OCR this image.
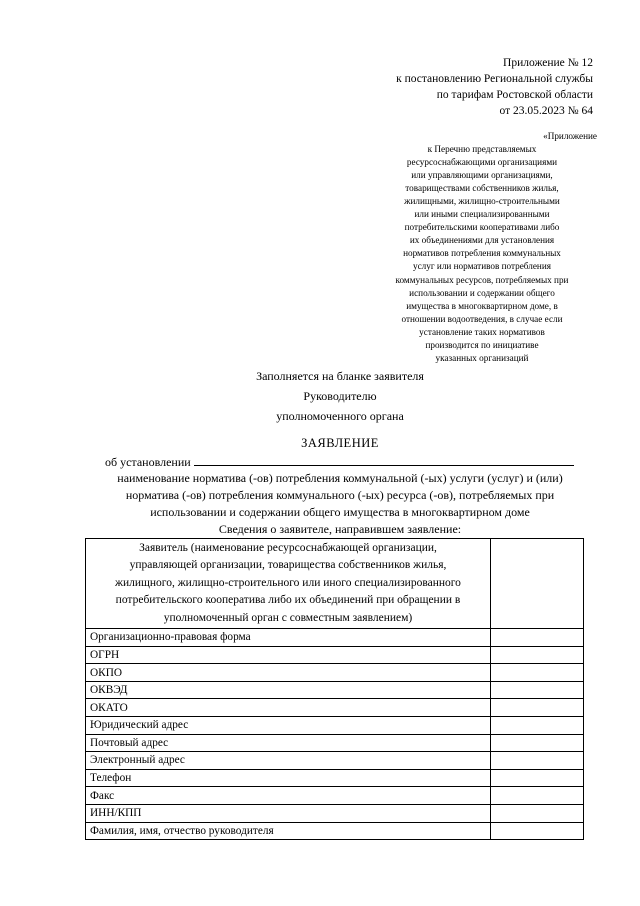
Приложение № 12
к постановлению Региональной службы
по тарифам Ростовской области
от 23.05.2023 № 64
«Приложение
к Перечню представляемых
ресурсоснабжающими организациями
или управляющими организациями,
товариществами собственников жилья,
жилищными, жилищно-строительными
или иными специализированными
потребительскими кооперативами либо
их объединениями для установления
нормативов потребления коммунальных
услуг или нормативов потребления
коммунальных ресурсов, потребляемых при
использовании и содержании общего
имущества в многоквартирном доме, в
отношении водоотведения, в случае если
установление таких нормативов
производится по инициативе
указанных организаций
Заполняется на бланке заявителя
Руководителю
уполномоченного органа
ЗАЯВЛЕНИЕ
об установлении
наименование норматива (-ов) потребления коммунальной (-ых) услуги (услуг) и (или)
норматива (-ов) потребления коммунального (-ых) ресурса (-ов), потребляемых при
использовании и содержании общего имущества в многоквартирном доме
Сведения о заявителе, направившем заявление:
Заявитель (наименование ресурсоснабжающей организации,
управляющей организации, товарищества собственников жилья,
жилищного, жилищно-строительного или иного специализированного
потребительского кооператива либо их объединений при обращении в
уполномоченный орган с совместным заявлением)	

Организационно-правовая форма	
ОГРН	
ОКПО	
ОКВЭД	
ОКАТО	
Юридический адрес	
Почтовый адрес	
Электронный адрес	
Телефон	
Факс	
ИНН/КПП	
Фамилия, имя, отчество руководителя	
